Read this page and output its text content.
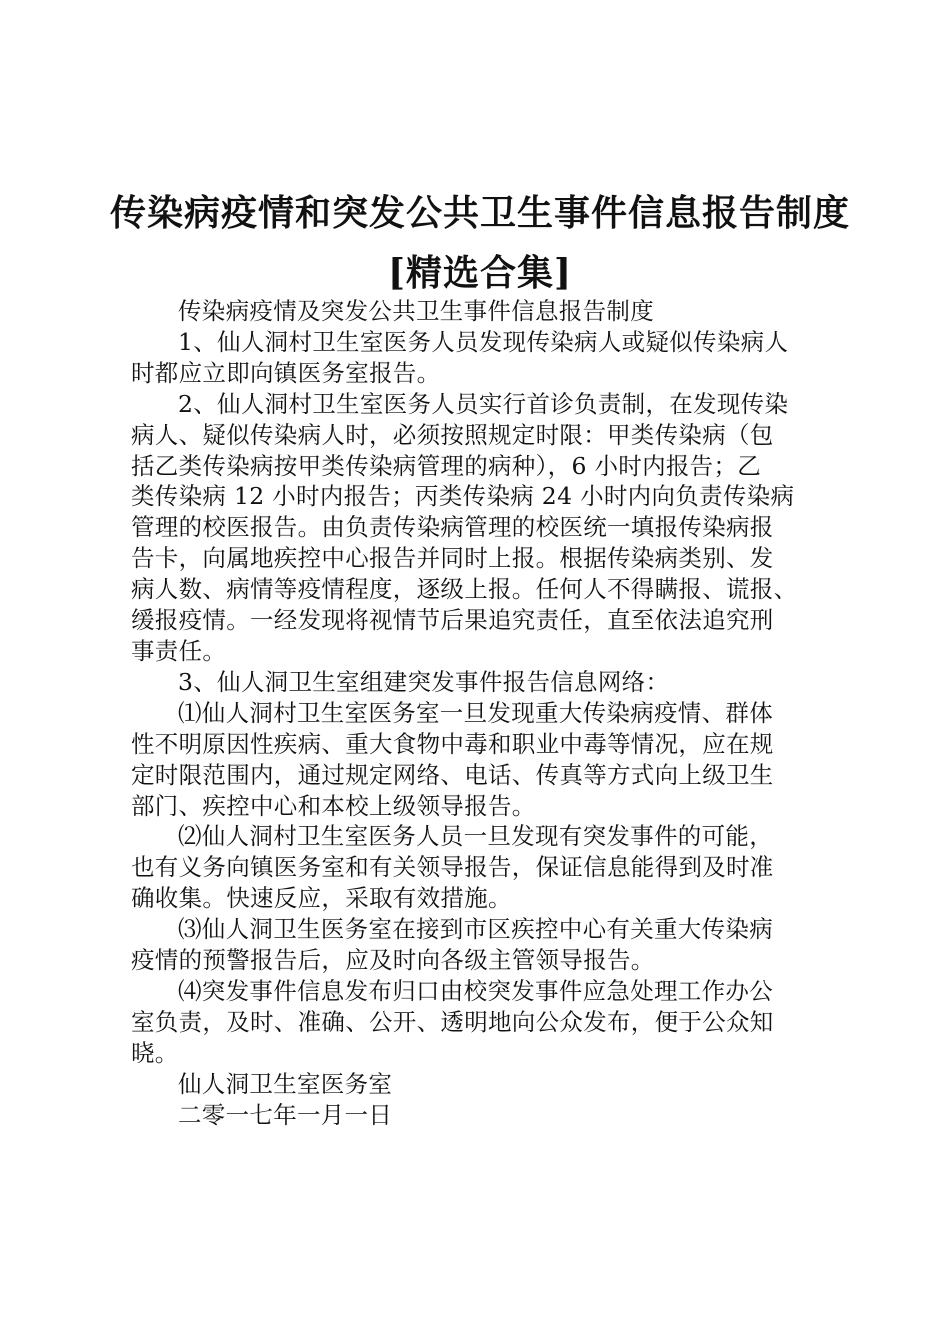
传染病疫情和突发公共卫生事件信息报告制度
[精选合集]
传染病疫情及突发公共卫生事件信息报告制度
1、仙人洞村卫生室医务人员发现传染病人或疑似传染病人
时都应立即向镇医务室报告。
2、仙人洞村卫生室医务人员实行首诊负责制，在发现传染
病人、疑似传染病人时，必须按照规定时限：甲类传染病（包
括乙类传染病按甲类传染病管理的病种），6 小时内报告；乙
类传染病 12 小时内报告；丙类传染病 24 小时内向负责传染病
管理的校医报告。由负责传染病管理的校医统一填报传染病报
告卡，向属地疾控中心报告并同时上报。根据传染病类别、发
病人数、病情等疫情程度，逐级上报。任何人不得瞒报、谎报、
缓报疫情。一经发现将视情节后果追究责任，直至依法追究刑
事责任。
3、仙人洞卫生室组建突发事件报告信息网络：
⑴仙人洞村卫生室医务室一旦发现重大传染病疫情、群体
性不明原因性疾病、重大食物中毒和职业中毒等情况，应在规
定时限范围内，通过规定网络、电话、传真等方式向上级卫生
部门、疾控中心和本校上级领导报告。
⑵仙人洞村卫生室医务人员一旦发现有突发事件的可能，
也有义务向镇医务室和有关领导报告，保证信息能得到及时准
确收集。快速反应，采取有效措施。
⑶仙人洞卫生医务室在接到市区疾控中心有关重大传染病
疫情的预警报告后，应及时向各级主管领导报告。
⑷突发事件信息发布归口由校突发事件应急处理工作办公
室负责，及时、准确、公开、透明地向公众发布，便于公众知
晓。
仙人洞卫生室医务室
二零一七年一月一日
